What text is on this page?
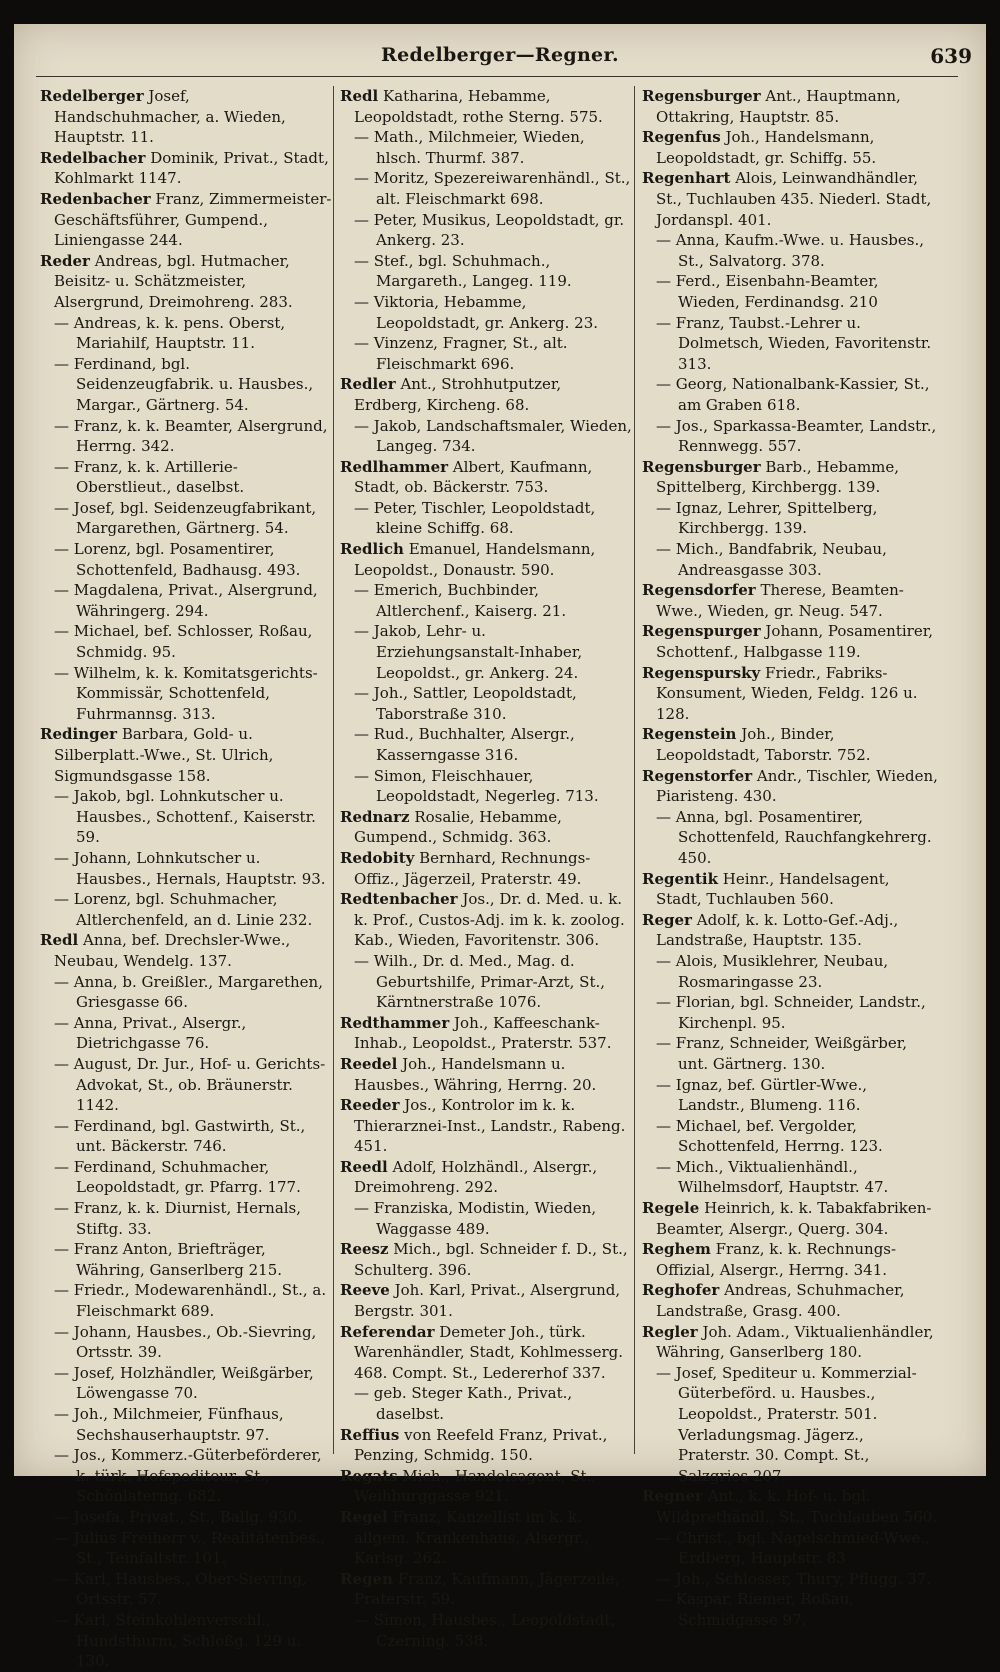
Redelberger—Regner.	639

Redelberger Josef, Handschuhmacher, a. Wieden, Hauptstr. 11.

Redelbacher Dominik, Privat., Stadt, Kohlmarkt 1147.

Redenbacher Franz, Zimmermeister-Geschäftsführer, Gumpend., Liniengasse 244.

Reder Andreas, bgl. Hutmacher, Beisitz- u. Schätzmeister, Alsergrund, Dreimohreng. 283.

— Andreas, k. k. pens. Oberst, Mariahilf, Hauptstr. 11.

— Ferdinand, bgl. Seidenzeugfabrik. u. Hausbes., Margar., Gärtnerg. 54.

— Franz, k. k. Beamter, Alsergrund, Herrng. 342.

— Franz, k. k. Artillerie-Oberstlieut., daselbst.

— Josef, bgl. Seidenzeugfabrikant, Margarethen, Gärtnerg. 54.

— Lorenz, bgl. Posamentirer, Schottenfeld, Badhausg. 493.

— Magdalena, Privat., Alsergrund, Währingerg. 294.

— Michael, bef. Schlosser, Roßau, Schmidg. 95.

— Wilhelm, k. k. Komitatsgerichts-Kommissär, Schottenfeld, Fuhrmannsg. 313.

Redinger Barbara, Gold- u. Silberplatt.-Wwe., St. Ulrich, Sigmundsgasse 158.

— Jakob, bgl. Lohnkutscher u. Hausbes., Schottenf., Kaiserstr. 59.

— Johann, Lohnkutscher u. Hausbes., Hernals, Hauptstr. 93.

— Lorenz, bgl. Schuhmacher, Altlerchenfeld, an d. Linie 232.

Redl Anna, bef. Drechsler-Wwe., Neubau, Wendelg. 137.

— Anna, b. Greißler., Margarethen, Griesgasse 66.

— Anna, Privat., Alsergr., Dietrichgasse 76.

— August, Dr. Jur., Hof- u. Gerichts-Advokat, St., ob. Bräunerstr. 1142.

— Ferdinand, bgl. Gastwirth, St., unt. Bäckerstr. 746.

— Ferdinand, Schuhmacher, Leopoldstadt, gr. Pfarrg. 177.

— Franz, k. k. Diurnist, Hernals, Stiftg. 33.

— Franz Anton, Briefträger, Währing, Ganserlberg 215.

— Friedr., Modewarenhändl., St., a. Fleischmarkt 689.

— Johann, Hausbes., Ob.-Sievring, Ortsstr. 39.

— Josef, Holzhändler, Weißgärber, Löwengasse 70.

— Joh., Milchmeier, Fünfhaus, Sechshauserhauptstr. 97.

— Jos., Kommerz.-Güterbeförderer, k. türk. Hofspediteur, St., Schönlaterng. 682.

— Josefa, Privat., St., Ballg. 930.

— Julius Freiherr v., Realitätenbes., St., Teinfaltstr. 101.

— Karl, Hausbes., Ober-Sievring, Ortsstr. 57.

— Karl, Steinkohlenverschl., Hundsthurm, Schloßg. 129 u. 130.

Redl Katharina, Hebamme, Leopoldstadt, rothe Sterng. 575.

— Math., Milchmeier, Wieden, hlsch. Thurmf. 387.

— Moritz, Spezereiwarenhändl., St., alt. Fleischmarkt 698.

— Peter, Musikus, Leopoldstadt, gr. Ankerg. 23.

— Stef., bgl. Schuhmach., Margareth., Langeg. 119.

— Viktoria, Hebamme, Leopoldstadt, gr. Ankerg. 23.

— Vinzenz, Fragner, St., alt. Fleischmarkt 696.

Redler Ant., Strohhutputzer, Erdberg, Kircheng. 68.

— Jakob, Landschaftsmaler, Wieden, Langeg. 734.

Redlhammer Albert, Kaufmann, Stadt, ob. Bäckerstr. 753.

— Peter, Tischler, Leopoldstadt, kleine Schiffg. 68.

Redlich Emanuel, Handelsmann, Leopoldst., Donaustr. 590.

— Emerich, Buchbinder, Altlerchenf., Kaiserg. 21.

— Jakob, Lehr- u. Erziehungsanstalt-Inhaber, Leopoldst., gr. Ankerg. 24.

— Joh., Sattler, Leopoldstadt, Taborstraße 310.

— Rud., Buchhalter, Alsergr., Kasserngasse 316.

— Simon, Fleischhauer, Leopoldstadt, Negerleg. 713.

Rednarz Rosalie, Hebamme, Gumpend., Schmidg. 363.

Redobity Bernhard, Rechnungs-Offiz., Jägerzeil, Praterstr. 49.

Redtenbacher Jos., Dr. d. Med. u. k. k. Prof., Custos-Adj. im k. k. zoolog. Kab., Wieden, Favoritenstr. 306.

— Wilh., Dr. d. Med., Mag. d. Geburtshilfe, Primar-Arzt, St., Kärntnerstraße 1076.

Redthammer Joh., Kaffeeschank-Inhab., Leopoldst., Praterstr. 537.

Reedel Joh., Handelsmann u. Hausbes., Währing, Herrng. 20.

Reeder Jos., Kontrolor im k. k. Thierarznei-Inst., Landstr., Rabeng. 451.

Reedl Adolf, Holzhändl., Alsergr., Dreimohreng. 292.

— Franziska, Modistin, Wieden, Waggasse 489.

Reesz Mich., bgl. Schneider f. D., St., Schulterg. 396.

Reeve Joh. Karl, Privat., Alsergrund, Bergstr. 301.

Referendar Demeter Joh., türk. Warenhändler, Stadt, Kohlmesserg. 468. Compt. St., Ledererhof 337.

— geb. Steger Kath., Privat., daselbst.

Reffius von Reefeld Franz, Privat., Penzing, Schmidg. 150.

Regats Mich., Handelsagent, St., Weihburggasse 921.

Regel Franz, Kanzellist im k. k. allgem. Krankenhaus, Alsergr., Karlsg. 262.

Regen Franz, Kaufmann, Jägerzeile, Praterstr. 59.

— Simon, Hausbes., Leopoldstadt, Czerning. 538.

Regensburger Ant., Hauptmann, Ottakring, Hauptstr. 85.

Regenfus Joh., Handelsmann, Leopoldstadt, gr. Schiffg. 55.

Regenhart Alois, Leinwandhändler, St., Tuchlauben 435. Niederl. Stadt, Jordanspl. 401.

— Anna, Kaufm.-Wwe. u. Hausbes., St., Salvatorg. 378.

— Ferd., Eisenbahn-Beamter, Wieden, Ferdinandsg. 210

— Franz, Taubst.-Lehrer u. Dolmetsch, Wieden, Favoritenstr. 313.

— Georg, Nationalbank-Kassier, St., am Graben 618.

— Jos., Sparkassa-Beamter, Landstr., Rennwegg. 557.

Regensburger Barb., Hebamme, Spittelberg, Kirchbergg. 139.

— Ignaz, Lehrer, Spittelberg, Kirchbergg. 139.

— Mich., Bandfabrik, Neubau, Andreasgasse 303.

Regensdorfer Therese, Beamten-Wwe., Wieden, gr. Neug. 547.

Regenspurger Johann, Posamentirer, Schottenf., Halbgasse 119.

Regenspursky Friedr., Fabriks-Konsument, Wieden, Feldg. 126 u. 128.

Regenstein Joh., Binder, Leopoldstadt, Taborstr. 752.

Regenstorfer Andr., Tischler, Wieden, Piaristeng. 430.

— Anna, bgl. Posamentirer, Schottenfeld, Rauchfangkehrerg. 450.

Regentik Heinr., Handelsagent, Stadt, Tuchlauben 560.

Reger Adolf, k. k. Lotto-Gef.-Adj., Landstraße, Hauptstr. 135.

— Alois, Musiklehrer, Neubau, Rosmaringasse 23.

— Florian, bgl. Schneider, Landstr., Kirchenpl. 95.

— Franz, Schneider, Weißgärber, unt. Gärtnerg. 130.

— Ignaz, bef. Gürtler-Wwe., Landstr., Blumeng. 116.

— Michael, bef. Vergolder, Schottenfeld, Herrng. 123.

— Mich., Viktualienhändl., Wilhelmsdorf, Hauptstr. 47.

Regele Heinrich, k. k. Tabakfabriken-Beamter, Alsergr., Querg. 304.

Reghem Franz, k. k. Rechnungs-Offizial, Alsergr., Herrng. 341.

Reghofer Andreas, Schuhmacher, Landstraße, Grasg. 400.

Regler Joh. Adam., Viktualienhändler, Währing, Ganserlberg 180.

— Josef, Spediteur u. Kommerzial-Güterbeförd. u. Hausbes., Leopoldst., Praterstr. 501. Verladungsmag. Jägerz., Praterstr. 30. Compt. St., Salzgries 207.

Regner Ant., k. k. Hof- u. bgl. Wildprethändl., St., Tuchlauben 560.

— Christ., bgl. Nagelschmied-Wwe., Erdberg, Hauptstr. 83

— Joh., Schlosser, Thury, Pflugg. 37.

— Kaspar, Riemer, Roßau, Schmidgasse 97.
